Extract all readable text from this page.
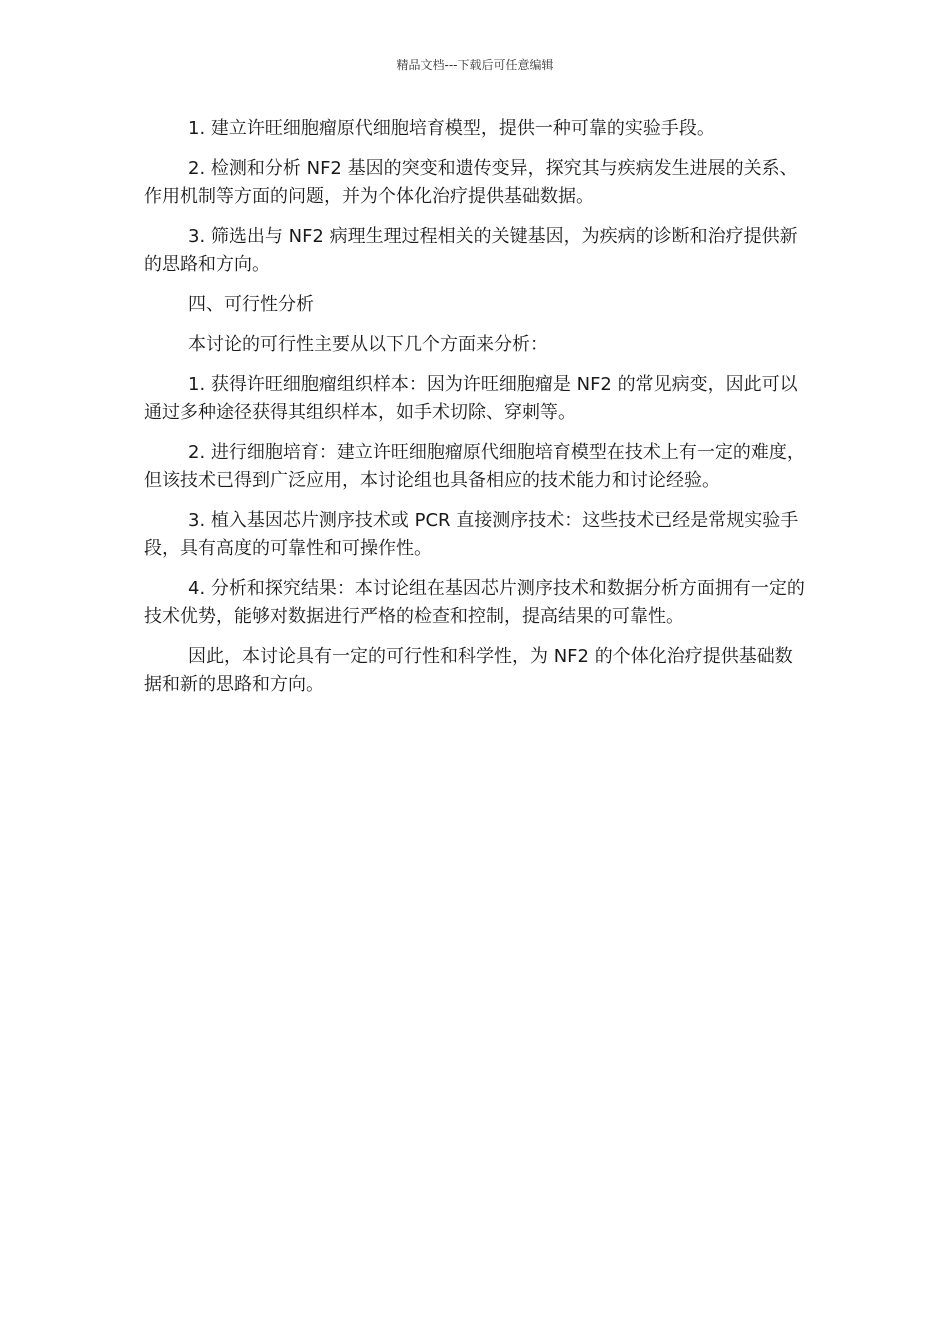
精品文档---下载后可任意编辑

1. 建立许旺细胞瘤原代细胞培育模型，提供一种可靠的实验手段。

2. 检测和分析 NF2 基因的突变和遗传变异，探究其与疾病发生进展的关系、作用机制等方面的问题，并为个体化治疗提供基础数据。

3. 筛选出与 NF2 病理生理过程相关的关键基因，为疾病的诊断和治疗提供新的思路和方向。

四、可行性分析

本讨论的可行性主要从以下几个方面来分析：

1. 获得许旺细胞瘤组织样本：因为许旺细胞瘤是 NF2 的常见病变，因此可以通过多种途径获得其组织样本，如手术切除、穿刺等。

2. 进行细胞培育：建立许旺细胞瘤原代细胞培育模型在技术上有一定的难度，但该技术已得到广泛应用，本讨论组也具备相应的技术能力和讨论经验。

3. 植入基因芯片测序技术或 PCR 直接测序技术：这些技术已经是常规实验手段，具有高度的可靠性和可操作性。

4. 分析和探究结果：本讨论组在基因芯片测序技术和数据分析方面拥有一定的技术优势，能够对数据进行严格的检查和控制，提高结果的可靠性。

因此，本讨论具有一定的可行性和科学性，为 NF2 的个体化治疗提供基础数据和新的思路和方向。
